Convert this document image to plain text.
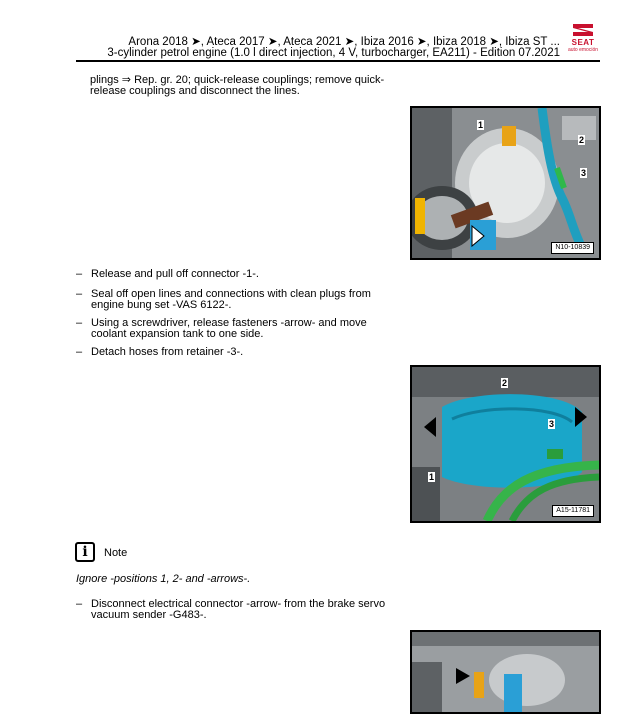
Arona 2018 ➤, Ateca 2017 ➤, Ateca 2021 ➤, Ibiza 2016 ➤, Ibiza 2018 ➤, Ibiza ST ...
3-cylinder petrol engine (1.0 l direct injection, 4 V, turbocharger, EA211) - Edition 07.2021
SEAT
auto emoción
plings ⇒ Rep. gr. 20; quick-release couplings; remove quick-
release couplings and disconnect the lines.
1
2
3
N10-10839
– Release and pull off connector -1-.
– Seal off open lines and connections with clean plugs from engine bung set -VAS 6122-.
– Using a screwdriver, release fasteners -arrow- and move coolant expansion tank to one side.
– Detach hoses from retainer -3-.
1
2
3
A15-11781
i	Note
Ignore -positions 1, 2- and -arrows-.
– Disconnect electrical connector -arrow- from the brake servo vacuum sender -G483-.
